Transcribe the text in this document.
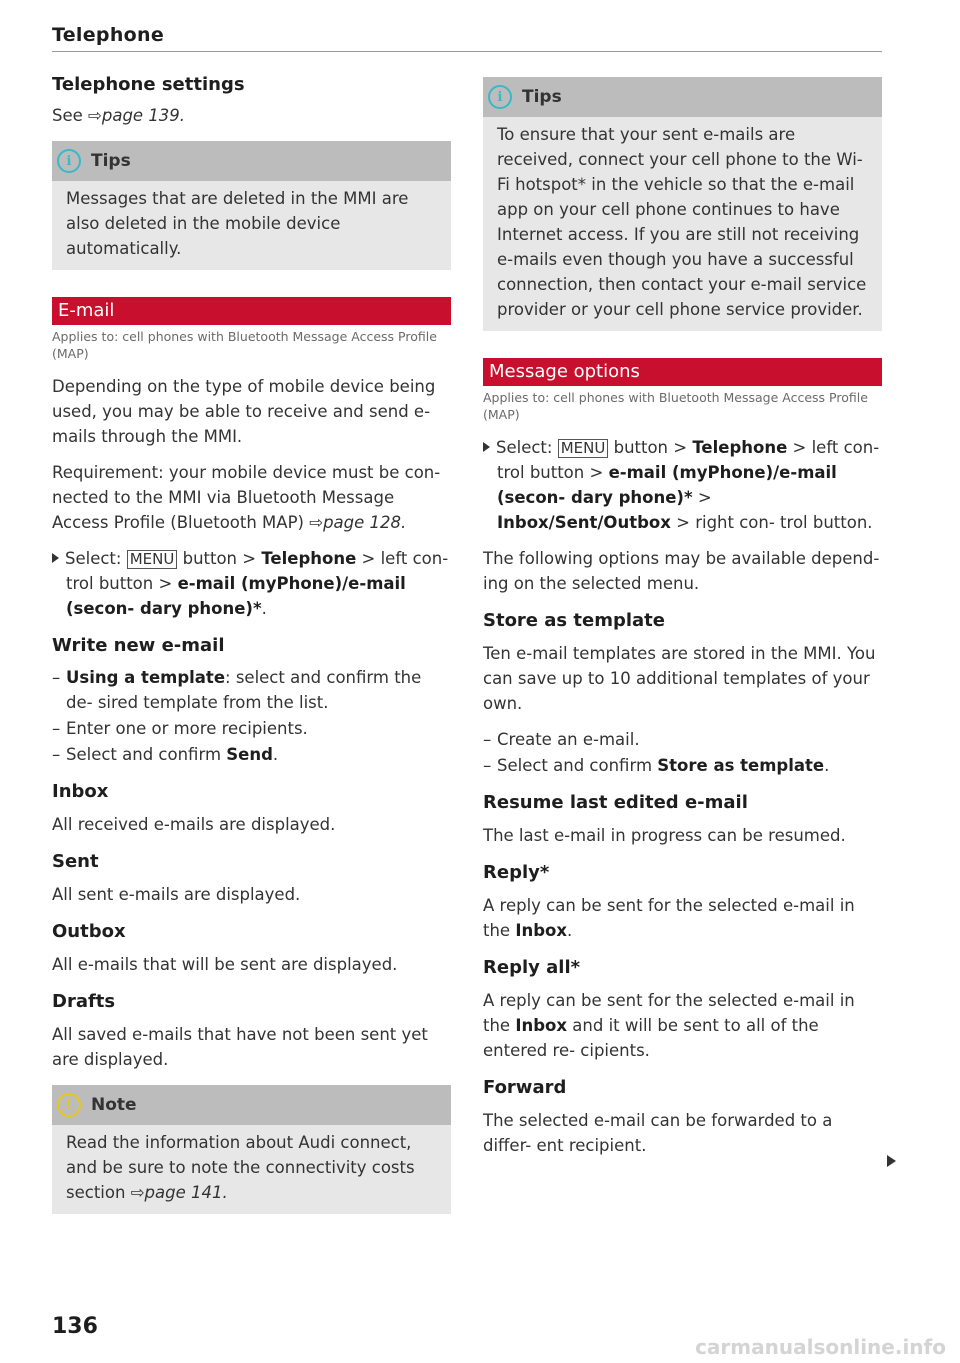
Telephone
Telephone settings

See ⇨page 139.

i	Tips

Messages that are deleted in the MMI are also deleted in the mobile device automatically.

E-mail
Applies to: cell phones with Bluetooth Message Access Profile (MAP)

Depending on the type of mobile device being used, you may be able to receive and send e-mails through the MMI.

Requirement: your mobile device must be con- nected to the MMI via Bluetooth Message Access Profile (Bluetooth MAP) ⇨page 128.

Select: MENU button > Telephone > left con- trol button > e-mail (myPhone)/e-mail (secon- dary phone)*.

Write new e-mail

– Using a template: select and confirm the de- sired template from the list.

– Enter one or more recipients.

– Select and confirm Send.

Inbox

All received e-mails are displayed.

Sent

All sent e-mails are displayed.

Outbox

All e-mails that will be sent are displayed.

Drafts

All saved e-mails that have not been sent yet are displayed.

!	Note

Read the information about Audi connect, and be sure to note the connectivity costs section ⇨page 141.

i	Tips

To ensure that your sent e-mails are received, connect your cell phone to the Wi-Fi hotspot* in the vehicle so that the e-mail app on your cell phone continues to have Internet access. If you are still not receiving e-mails even though you have a successful connection, then contact your e-mail service provider or your cell phone service provider.

Message options
Applies to: cell phones with Bluetooth Message Access Profile (MAP)

Select: MENU button > Telephone > left con- trol button > e-mail (myPhone)/e-mail (secon- dary phone)* > Inbox/Sent/Outbox > right con- trol button.

The following options may be available depend- ing on the selected menu.

Store as template

Ten e-mail templates are stored in the MMI. You can save up to 10 additional templates of your own.

– Create an e-mail.

– Select and confirm Store as template.

Resume last edited e-mail

The last e-mail in progress can be resumed.

Reply*

A reply can be sent for the selected e-mail in the Inbox.

Reply all*

A reply can be sent for the selected e-mail in the Inbox and it will be sent to all of the entered re- cipients.

Forward

The selected e-mail can be forwarded to a differ- ent recipient.

136
carmanualsonline.info
